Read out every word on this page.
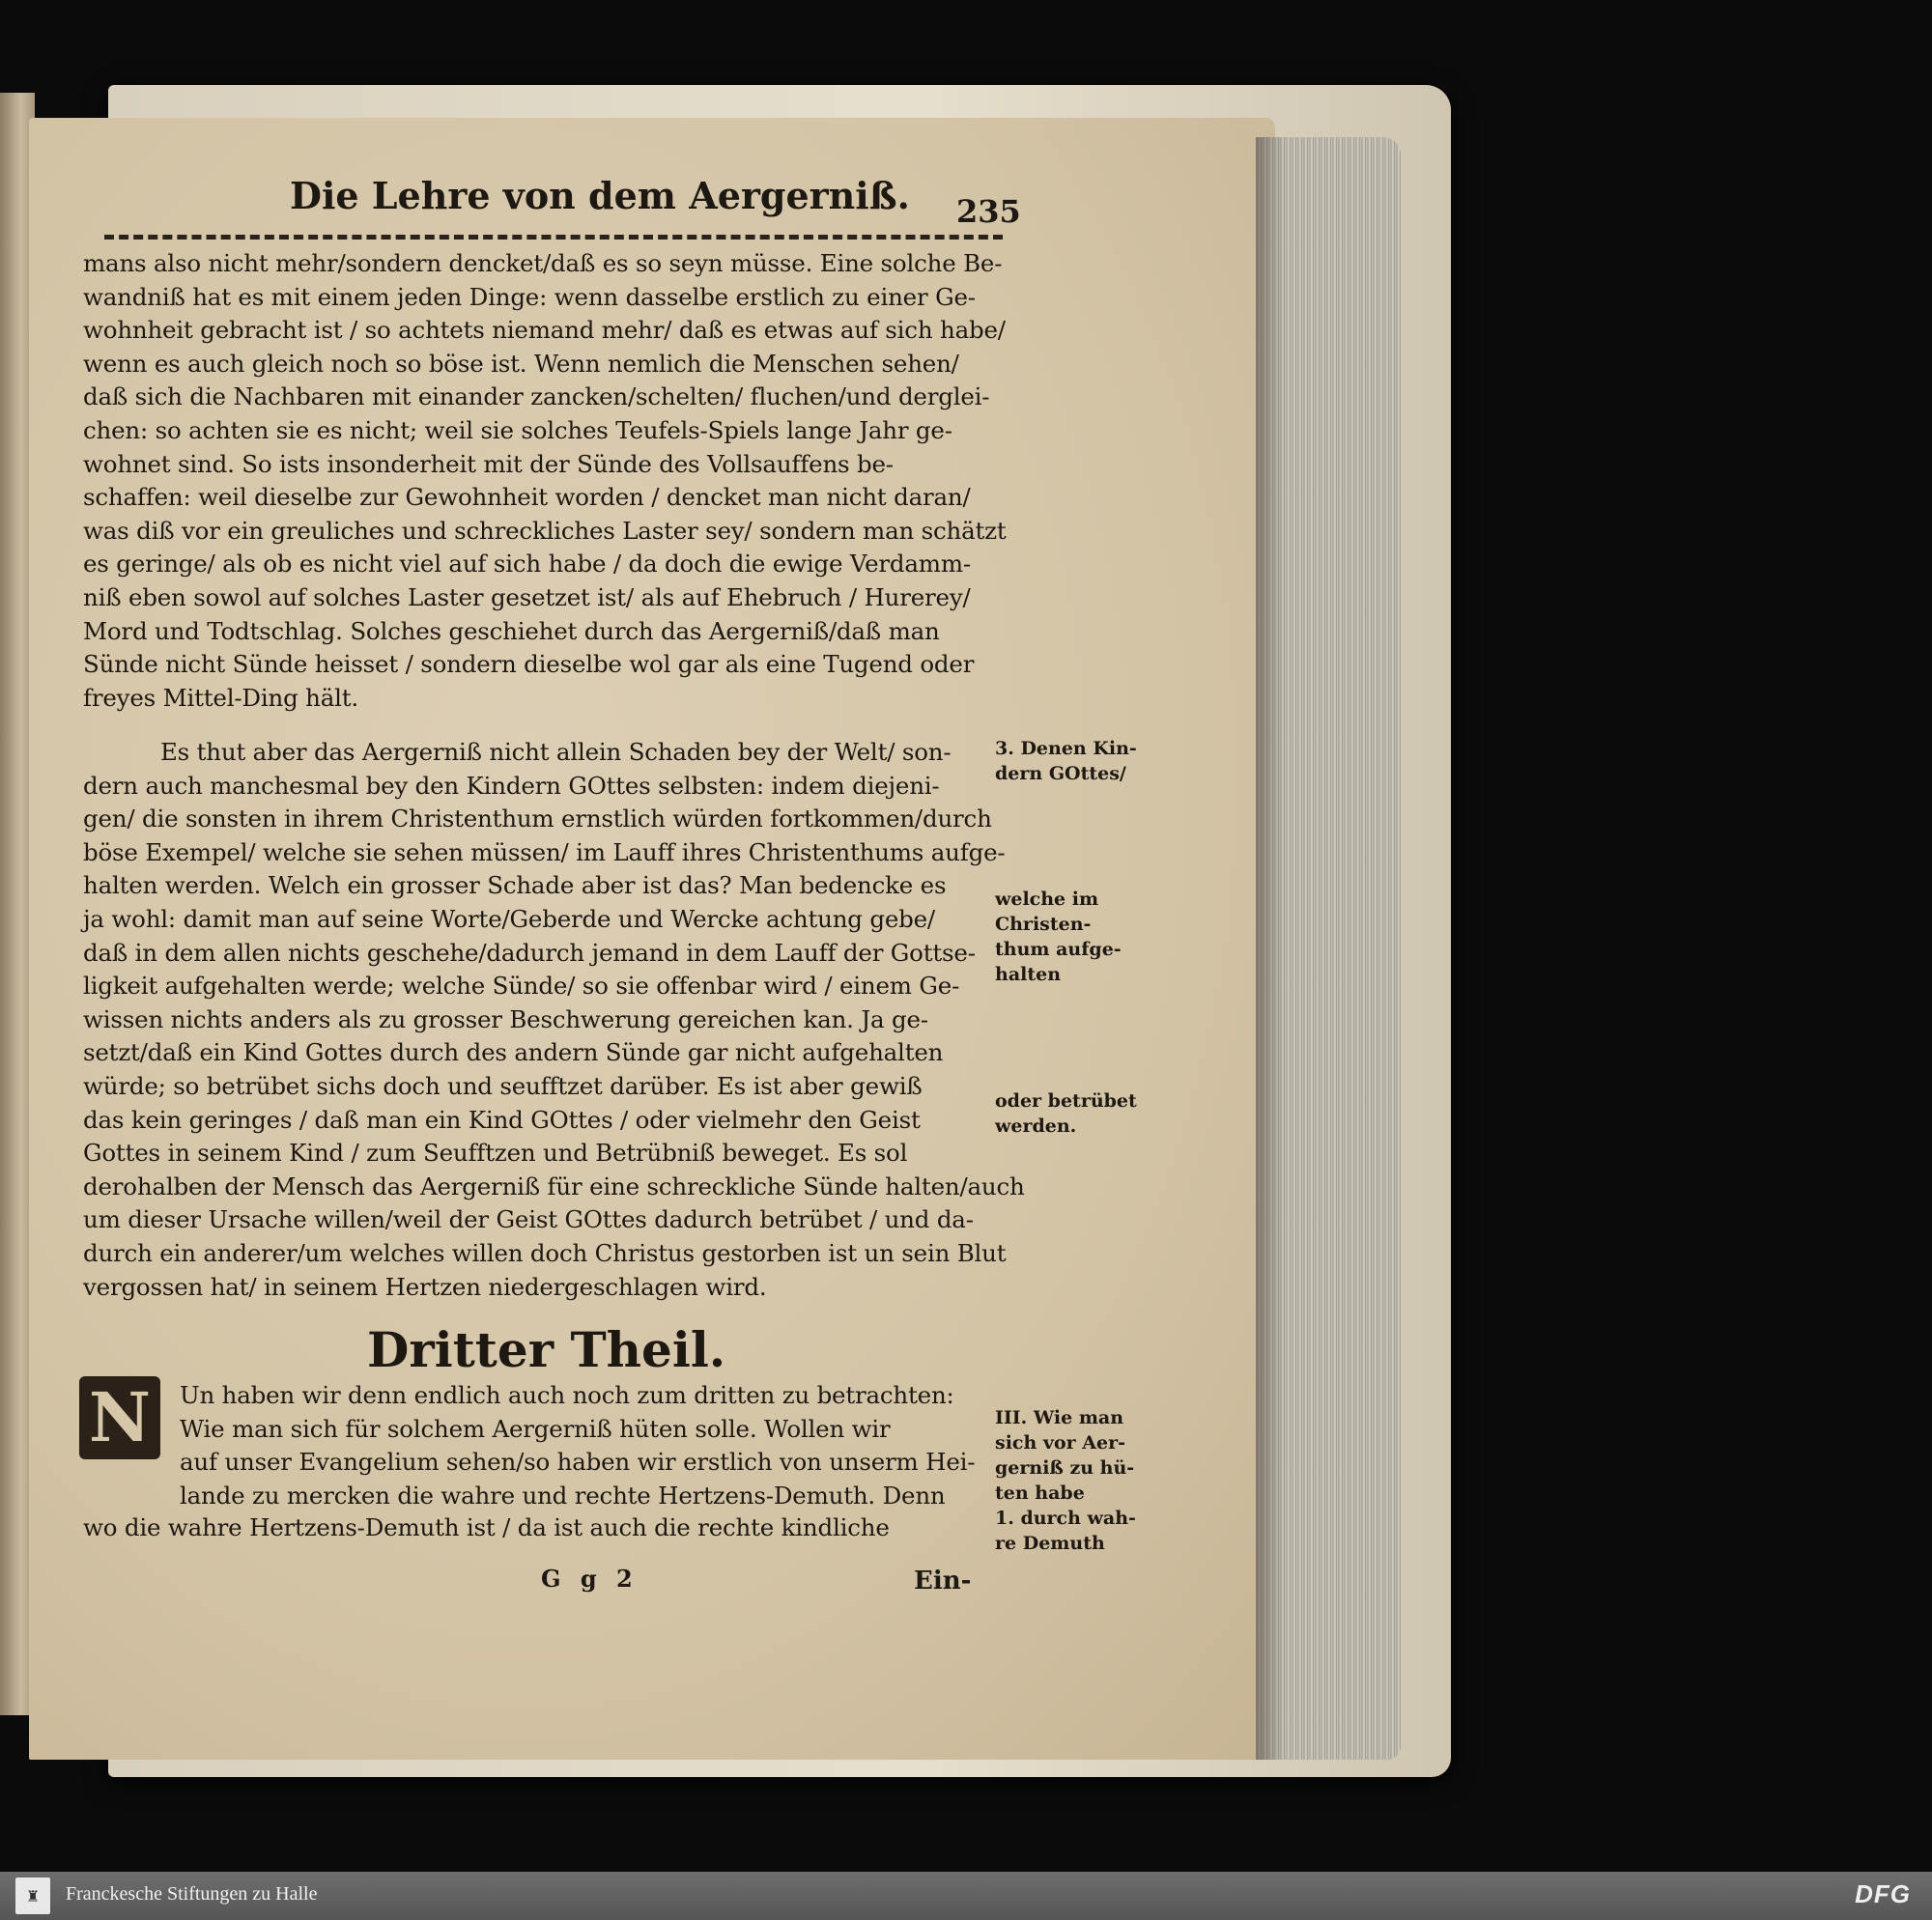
Die Lehre von dem Aergerniß. 235
mans also nicht mehr/sondern dencket/daß es so seyn müsse. Eine solche Be-
wandniß hat es mit einem jeden Dinge: wenn dasselbe erstlich zu einer Ge-
wohnheit gebracht ist / so achtets niemand mehr/ daß es etwas auf sich habe/
wenn es auch gleich noch so böse ist. Wenn nemlich die Menschen sehen/
daß sich die Nachbaren mit einander zancken/schelten/ fluchen/und derglei-
chen: so achten sie es nicht; weil sie solches Teufels-Spiels lange Jahr ge-
wohnet sind. So ists insonderheit mit der Sünde des Vollsauffens be-
schaffen: weil dieselbe zur Gewohnheit worden / dencket man nicht daran/
was diß vor ein greuliches und schreckliches Laster sey/ sondern man schätzt
es geringe/ als ob es nicht viel auf sich habe / da doch die ewige Verdamm-
niß eben sowol auf solches Laster gesetzet ist/ als auf Ehebruch / Hurerey/
Mord und Todtschlag. Solches geschiehet durch das Aergerniß/daß man
Sünde nicht Sünde heisset / sondern dieselbe wol gar als eine Tugend oder
freyes Mittel-Ding hält.
Es thut aber das Aergerniß nicht allein Schaden bey der Welt/ son-
dern auch manchesmal bey den Kindern GOttes selbsten: indem diejeni-
gen/ die sonsten in ihrem Christenthum ernstlich würden fortkommen/durch
böse Exempel/ welche sie sehen müssen/ im Lauff ihres Christenthums aufge-
halten werden. Welch ein grosser Schade aber ist das? Man bedencke es
ja wohl: damit man auf seine Worte/Geberde und Wercke achtung gebe/
daß in dem allen nichts geschehe/dadurch jemand in dem Lauff der Gottse-
ligkeit aufgehalten werde; welche Sünde/ so sie offenbar wird / einem Ge-
wissen nichts anders als zu grosser Beschwerung gereichen kan. Ja ge-
setzt/daß ein Kind Gottes durch des andern Sünde gar nicht aufgehalten
würde; so betrübet sichs doch und seufftzet darüber. Es ist aber gewiß
das kein geringes / daß man ein Kind GOttes / oder vielmehr den Geist
Gottes in seinem Kind / zum Seufftzen und Betrübniß beweget. Es sol
derohalben der Mensch das Aergerniß für eine schreckliche Sünde halten/auch
um dieser Ursache willen/weil der Geist GOttes dadurch betrübet / und da-
durch ein anderer/um welches willen doch Christus gestorben ist un sein Blut
vergossen hat/ in seinem Hertzen niedergeschlagen wird.
Dritter Theil.
N Un haben wir denn endlich auch noch zum dritten zu betrachten:
Wie man sich für solchem Aergerniß hüten solle. Wollen wir
auf unser Evangelium sehen/so haben wir erstlich von unserm Hei-
lande zu mercken die wahre und rechte Hertzens-Demuth. Denn
wo die wahre Hertzens-Demuth ist / da ist auch die rechte kindliche
G g 2	Ein-
3. Denen Kin-
dern GOttes/
welche im
Christen-
thum aufge-
halten
oder betrübet
werden.
III. Wie man
sich vor Aer-
gerniß zu hü-
ten habe
1. durch wah-
re Demuth
♜ Franckesche Stiftungen zu Halle	DFG
